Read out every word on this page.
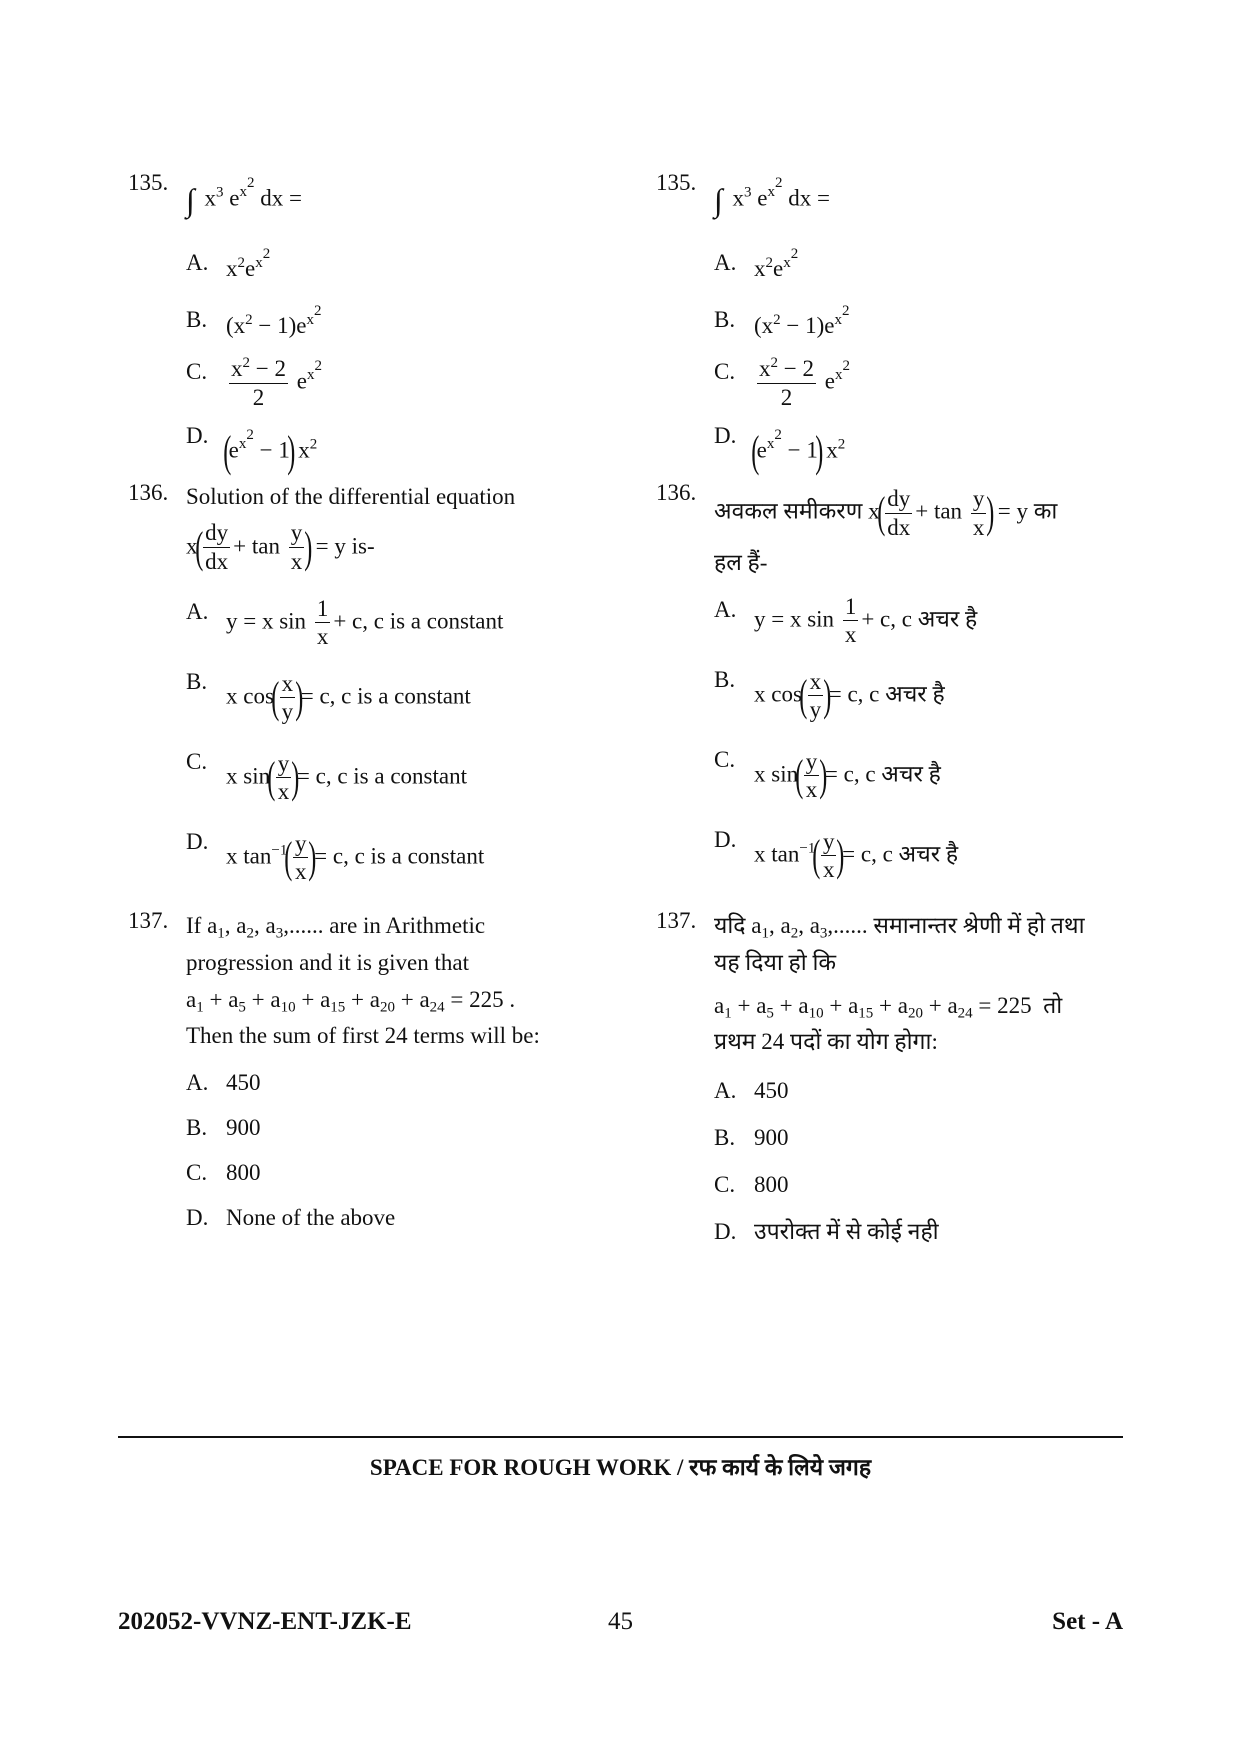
135. ∫ $x^3$ $e^{x^2}$ dx =
A. $x^2e^{x^2}$
B. $(x^2 - 1)e^{x^2}$
C. $\frac{x^2 - 2}{2} e^{x^2}$
D. $(e^{x^2} - 1)$ $x^2$
136. Solution of the differential equation
$x( \frac{dy}{dx} + \tan \frac{y}{x}$ ) = y is-
A. y = x $\sin \frac{1}{x} + c$, c is a constant
B.
x $\cos( \frac{x}{y}$ )= c, c is a constant
C.
x $\sin( \frac{y}{x}$ )= c, c is a constant
D.
x $\tan^{-1}( \frac{y}{x}$ )= c, c is a constant
137. If $a_1$, $a_2$, $a_3$,...... are in Arithmetic
progression and it is given that
$a_1 + a_5 + a_{10} + a_{15} + a_{20} + a_{24} = 225$ .
Then the sum of first 24 terms will be:
A. 450
B. 900
C. 800
D. None of the above
135. ∫ $x^3$ $e^{x^2}$ dx =
A. $x^2e^{x^2}$
B. $(x^2 - 1)e^{x^2}$
C. $\frac{x^2 - 2}{2} e^{x^2}$
D. $(e^{x^2} - 1)$ $x^2$
136.
अवकल समीकरण $x( \frac{dy}{dx} + \tan \frac{y}{x}$ ) = y का
हल हैं-
A. y = x $\sin \frac{1}{x} + c$, c अचर है
B.
x $\cos( \frac{x}{y}$ )= c, c अचर है
C.
x $\sin( \frac{y}{x}$ )= c, c अचर है
D.
x $\tan^{-1}( \frac{y}{x}$ )= c, c अचर है
137. यदि $a_1$, $a_2$, $a_3$,...... समानान्तर श्रेणी में हो तथा
यह दिया हो कि
$a_1 + a_5 + a_{10} + a_{15} + a_{20} + a_{24} = 225$  तो
प्रथम 24 पदों का योग होगा:
A. 450
B. 900
C. 800
D. उपरोक्त में से कोई नही
SPACE FOR ROUGH WORK / रफ कार्य के लिये जगह
202052-VVNZ-ENT-JZK-E	45	Set - A
